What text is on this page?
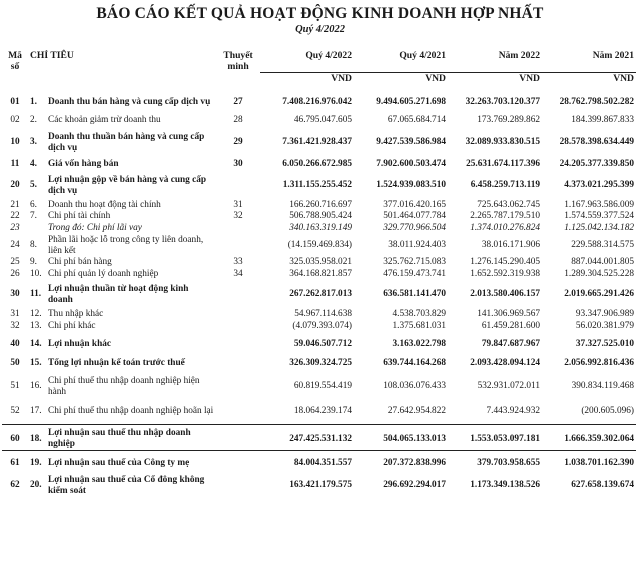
BÁO CÁO KẾT QUẢ HOẠT ĐỘNG KINH DOANH HỢP NHẤT
Quý 4/2022
Mã số	CHỈ TIÊU		Thuyết minh	Quý 4/2022	Quý 4/2021	Năm 2022	Năm 2021
				VND	VND	VND	VND
01	1.	Doanh thu bán hàng và cung cấp dịch vụ	27	7.408.216.976.042	9.494.605.271.698	32.263.703.120.377	28.762.798.502.282
02	2.	Các khoản giảm trừ doanh thu	28	46.795.047.605	67.065.684.714	173.769.289.862	184.399.867.833
10	3.	Doanh thu thuần bán hàng và cung cấp dịch vụ	29	7.361.421.928.437	9.427.539.586.984	32.089.933.830.515	28.578.398.634.449
11	4.	Giá vốn hàng bán	30	6.050.266.672.985	7.902.600.503.474	25.631.674.117.396	24.205.377.339.850
20	5.	Lợi nhuận gộp về bán hàng và cung cấp dịch vụ		1.311.155.255.452	1.524.939.083.510	6.458.259.713.119	4.373.021.295.399
21	6.	Doanh thu hoạt động tài chính	31	166.260.716.697	377.016.420.165	725.643.062.745	1.167.963.586.009
22	7.	Chi phí tài chính	32	506.788.905.424	501.464.077.784	2.265.787.179.510	1.574.559.377.524
23		Trong đó: Chi phí lãi vay		340.163.319.149	329.770.966.504	1.374.010.276.824	1.125.042.134.182
24	8.	Phần lãi hoặc lỗ trong công ty liên doanh, liên kết		(14.159.469.834)	38.011.924.403	38.016.171.906	229.588.314.575
25	9.	Chi phí bán hàng	33	325.035.958.021	325.762.715.083	1.276.145.290.405	887.044.001.805
26	10.	Chi phí quản lý doanh nghiệp	34	364.168.821.857	476.159.473.741	1.652.592.319.938	1.289.304.525.228
30	11.	Lợi nhuận thuần từ hoạt động kinh doanh		267.262.817.013	636.581.141.470	2.013.580.406.157	2.019.665.291.426
31	12.	Thu nhập khác		54.967.114.638	4.538.703.829	141.306.969.567	93.347.906.989
32	13.	Chi phí khác		(4.079.393.074)	1.375.681.031	61.459.281.600	56.020.381.979
40	14.	Lợi nhuận khác		59.046.507.712	3.163.022.798	79.847.687.967	37.327.525.010
50	15.	Tổng lợi nhuận kế toán trước thuế		326.309.324.725	639.744.164.268	2.093.428.094.124	2.056.992.816.436
51	16.	Chi phí thuế thu nhập doanh nghiệp hiện hành		60.819.554.419	108.036.076.433	532.931.072.011	390.834.119.468
52	17.	Chi phí thuế thu nhập doanh nghiệp hoãn lại		18.064.239.174	27.642.954.822	7.443.924.932	(200.605.096)
60	18.	Lợi nhuận sau thuế thu nhập doanh nghiệp		247.425.531.132	504.065.133.013	1.553.053.097.181	1.666.359.302.064
61	19.	Lợi nhuận sau thuế của Công ty mẹ		84.004.351.557	207.372.838.996	379.703.958.655	1.038.701.162.390
62	20.	Lợi nhuận sau thuế của Cổ đông không kiểm soát		163.421.179.575	296.692.294.017	1.173.349.138.526	627.658.139.674
